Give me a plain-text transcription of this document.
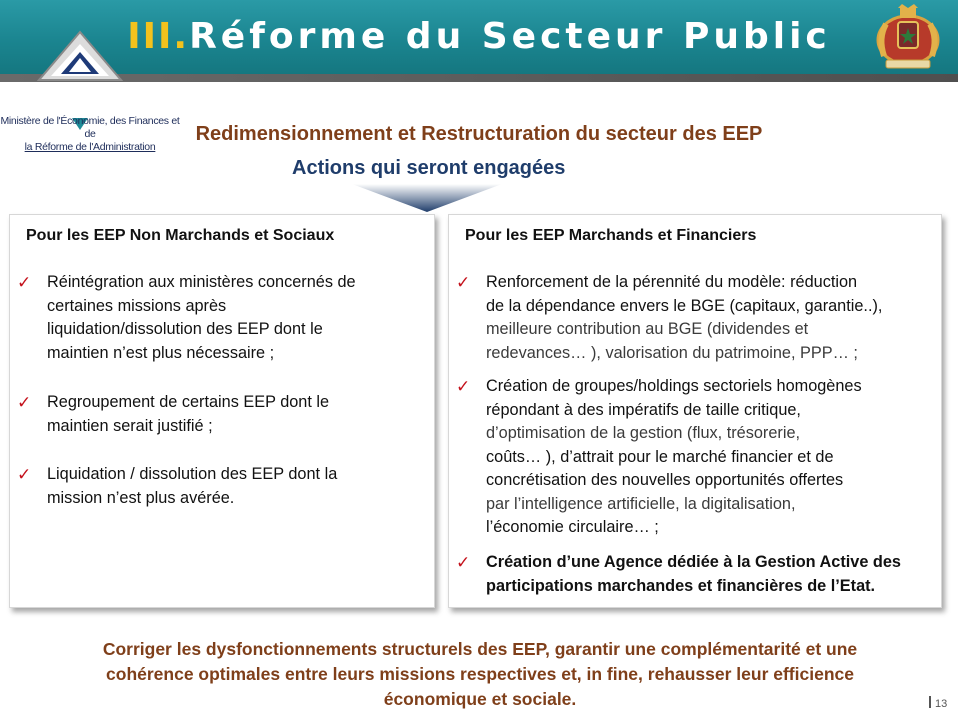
III.Réforme du Secteur Public
Ministère de l'Économie, des Finances et de
la Réforme de l'Administration
Redimensionnement et Restructuration du secteur des EEP
Actions qui seront engagées
Pour les EEP Non Marchands et Sociaux
✓ Réintégration aux ministères concernés de
certaines missions après
liquidation/dissolution des EEP dont le
maintien n’est plus nécessaire ;
✓ Regroupement de certains EEP dont le
maintien serait justifié ;
✓ Liquidation / dissolution des EEP dont la
mission n’est plus avérée.
Pour les EEP Marchands et Financiers
✓ Renforcement de la pérennité du modèle: réduction
de la dépendance envers le BGE (capitaux, garantie..),
meilleure contribution au BGE (dividendes et
redevances… ), valorisation du patrimoine, PPP… ;
✓ Création de groupes/holdings sectoriels homogènes
répondant à des impératifs de taille critique,
d’optimisation de la gestion (flux, trésorerie,
coûts… ), d’attrait pour le marché financier et de
concrétisation des nouvelles opportunités offertes
par l’intelligence artificielle, la digitalisation,
l’économie circulaire… ;
✓ Création d’une Agence dédiée à la Gestion Active des
participations marchandes et financières de l’Etat.
Corriger les dysfonctionnements structurels des EEP, garantir une complémentarité et une
cohérence optimales entre leurs missions respectives et, in fine, rehausser leur efficience
économique et sociale.	13
